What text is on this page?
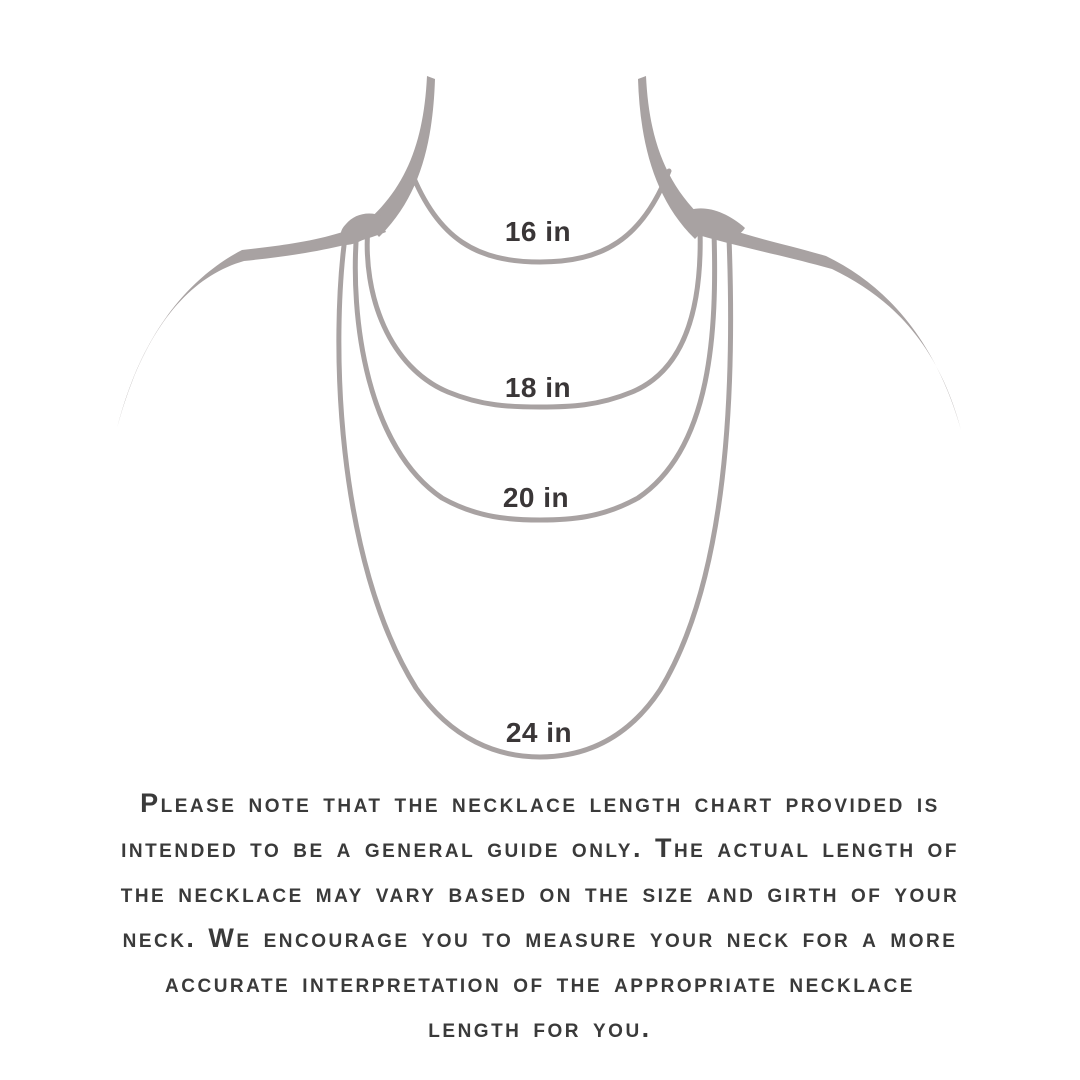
16 in
18 in
20 in
24 in
Please note that the necklace length chart provided is
intended to be a general guide only. The actual length of
the necklace may vary based on the size and girth of your
neck. We encourage you to measure your neck for a more
accurate interpretation of the appropriate necklace
length for you.
